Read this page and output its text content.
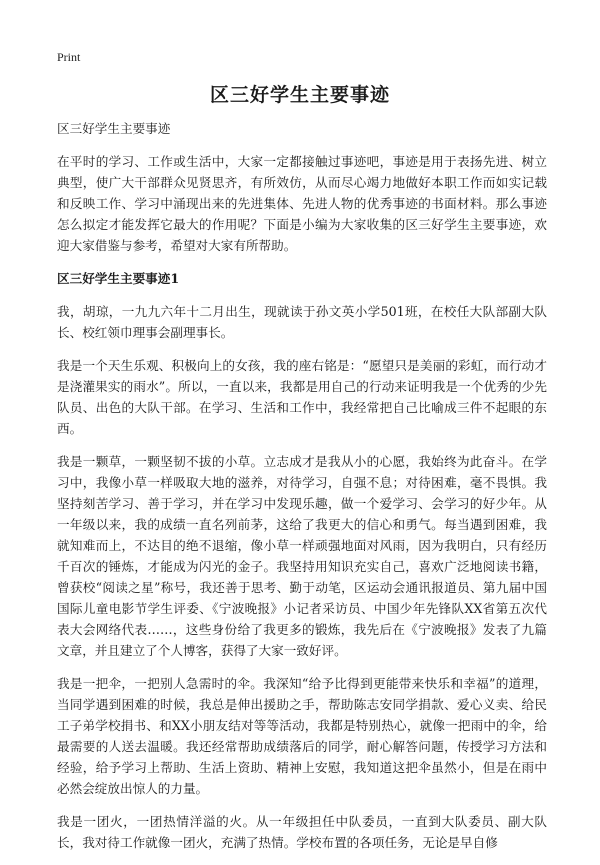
Print
区三好学生主要事迹

区三好学生主要事迹

在平时的学习、工作或生活中，大家一定都接触过事迹吧，事迹是用于表扬先进、树立典型，使广大干部群众见贤思齐，有所效仿，从而尽心竭力地做好本职工作而如实记载和反映工作、学习中涌现出来的先进集体、先进人物的优秀事迹的书面材料。那么事迹怎么拟定才能发挥它最大的作用呢？下面是小编为大家收集的区三好学生主要事迹，欢迎大家借鉴与参考，希望对大家有所帮助。

区三好学生主要事迹1

我，胡琼，一九九六年十二月出生，现就读于孙文英小学501班，在校任大队部副大队长、校红领巾理事会副理事长。

我是一个天生乐观、积极向上的女孩，我的座右铭是：“愿望只是美丽的彩虹，而行动才是浇灌果实的雨水”。所以，一直以来，我都是用自己的行动来证明我是一个优秀的少先队员、出色的大队干部。在学习、生活和工作中，我经常把自己比喻成三件不起眼的东西。

我是一颗草，一颗坚韧不拔的小草。立志成才是我从小的心愿，我始终为此奋斗。在学习中，我像小草一样吸取大地的滋养，对待学习，自强不息；对待困难，毫不畏惧。我坚持刻苦学习、善于学习，并在学习中发现乐趣，做一个爱学习、会学习的好少年。从一年级以来，我的成绩一直名列前茅，这给了我更大的信心和勇气。每当遇到困难，我就知难而上，不达目的绝不退缩，像小草一样顽强地面对风雨，因为我明白，只有经历千百次的锤炼，才能成为闪光的金子。我坚持用知识充实自己，喜欢广泛地阅读书籍，曾获校“阅读之星”称号，我还善于思考、勤于动笔，区运动会通讯报道员、第九届中国国际儿童电影节学生评委、《宁波晚报》小记者采访员、中国少年先锋队XX省第五次代表大会网络代表……，这些身份给了我更多的锻炼，我先后在《宁波晚报》发表了九篇文章，并且建立了个人博客，获得了大家一致好评。

我是一把伞，一把别人急需时的伞。我深知“给予比得到更能带来快乐和幸福”的道理，当同学遇到困难的时候，我总是伸出援助之手，帮助陈志安同学捐款、爱心义卖、给民工子弟学校捐书、和XX小朋友结对等等活动，我都是特别热心，就像一把雨中的伞，给最需要的人送去温暖。我还经常帮助成绩落后的同学，耐心解答问题，传授学习方法和经验，给予学习上帮助、生活上资助、精神上安慰，我知道这把伞虽然小，但是在雨中必然会绽放出惊人的力量。

我是一团火，一团热情洋溢的火。从一年级担任中队委员，一直到大队委员、副大队长，我对待工作就像一团火，充满了热情。学校布置的各项任务，无论是早自修
